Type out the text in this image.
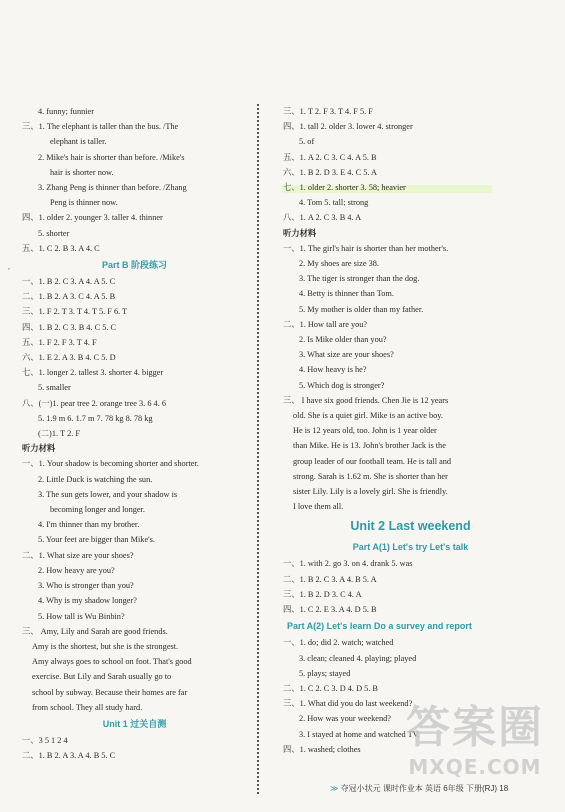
,
4. funny; funnier
三、1. The elephant is taller than the bus. /The
elephant is taller.
2. Mike's hair is shorter than before. /Mike's
hair is shorter now.
3. Zhang Peng is thinner than before. /Zhang
Peng is thinner now.
四、1. older 2. younger 3. taller 4. thinner
5. shorter
五、1. C 2. B 3. A 4. C
Part B 阶段练习
一、1. B 2. C 3. A 4. A 5. C
二、1. B 2. A 3. C 4. A 5. B
三、1. F 2. T 3. T 4. T 5. F 6. T
四、1. B 2. C 3. B 4. C 5. C
五、1. F 2. F 3. T 4. F
六、1. E 2. A 3. B 4. C 5. D
七、1. longer 2. tallest 3. shorter 4. bigger
5. smaller
八、(一)1. pear tree 2. orange tree 3. 6 4. 6
5. 1.9 m 6. 1.7 m 7. 78 kg 8. 78 kg
(二)1. T 2. F
听力材料
一、1. Your shadow is becoming shorter and shorter.
2. Little Duck is watching the sun.
3. The sun gets lower, and your shadow is
becoming longer and longer.
4. I'm thinner than my brother.
5. Your feet are bigger than Mike's.
二、1. What size are your shoes?
2. How heavy are you?
3. Who is stronger than you?
4. Why is my shadow longer?
5. How tall is Wu Binbin?
三、 Amy, Lily and Sarah are good friends.
Amy is the shortest, but she is the strongest.
Amy always goes to school on foot. That's good
exercise. But Lily and Sarah usually go to
school by subway. Because their homes are far
from school. They all study hard.
Unit 1 过关自测
一、3 5 1 2 4
二、1. B 2. A 3. A 4. B 5. C
三、1. T 2. F 3. T 4. F 5. F
四、1. tall 2. older 3. lower 4. stronger
5. of
五、1. A 2. C 3. C 4. A 5. B
六、1. B 2. D 3. E 4. C 5. A
七、1. older 2. shorter 3. 58; heavier
4. Tom 5. tall; strong
八、1. A 2. C 3. B 4. A
听力材料
一、1. The girl's hair is shorter than her mother's.
2. My shoes are size 38.
3. The tiger is stronger than the dog.
4. Betty is thinner than Tom.
5. My mother is older than my father.
二、1. How tall are you?
2. Is Mike older than you?
3. What size are your shoes?
4. How heavy is he?
5. Which dog is stronger?
三、 I have six good friends. Chen Jie is 12 years
old. She is a quiet girl. Mike is an active boy.
He is 12 years old, too. John is 1 year older
than Mike. He is 13. John's brother Jack is the
group leader of our football team. He is tall and
strong. Sarah is 1.62 m. She is shorter than her
sister Lily. Lily is a lovely girl. She is friendly.
I love them all.
Unit 2 Last weekend
Part A(1) Let's try Let's talk
一、1. with 2. go 3. on 4. drank 5. was
二、1. B 2. C 3. A 4. B 5. A
三、1. B 2. D 3. C 4. A
四、1. C 2. E 3. A 4. D 5. B
Part A(2) Let's learn Do a survey and report
一、1. do; did 2. watch; watched
3. clean; cleaned 4. playing; played
5. plays; stayed
二、1. C 2. C 3. D 4. D 5. B
三、1. What did you do last weekend?
2. How was your weekend?
3. I stayed at home and watched TV.
四、1. washed; clothes
≫ 夺冠小状元 课时作业本 英语 6年级 下册(RJ) 18
答案圈
MXQE.COM
